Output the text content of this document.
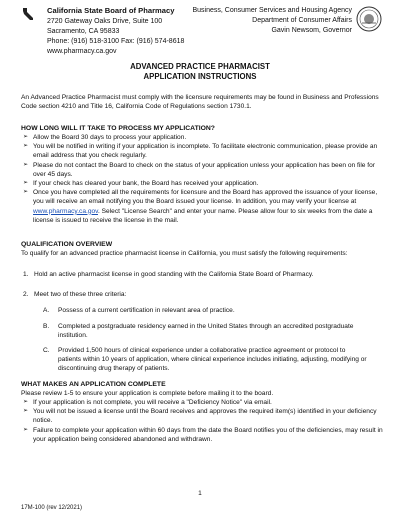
California State Board of Pharmacy
2720 Gateway Oaks Drive, Suite 100
Sacramento, CA 95833
Phone: (916) 518-3100 Fax: (916) 574-8618
www.pharmacy.ca.gov
Business, Consumer Services and Housing Agency
Department of Consumer Affairs
Gavin Newsom, Governor
ADVANCED PRACTICE PHARMACIST
APPLICATION INSTRUCTIONS
An Advanced Practice Pharmacist must comply with the licensure requirements may be found in Business and Professions Code section 4210 and Title 16, California Code of Regulations section 1730.1.
HOW LONG WILL IT TAKE TO PROCESS MY APPLICATION?
➢ Allow the Board 30 days to process your application.
➢ You will be notified in writing if your application is incomplete. To facilitate electronic communication, please provide an email address that you check regularly.
➢ Please do not contact the Board to check on the status of your application unless your application has been on file for over 45 days.
➢ If your check has cleared your bank, the Board has received your application.
➢ Once you have completed all the requirements for licensure and the Board has approved the issuance of your license, you will receive an email notifying you the Board issued your license. In addition, you may verify your license at www.pharmacy.ca.gov. Select "License Search" and enter your name. Please allow four to six weeks from the date a license is issued to receive the license in the mail.
QUALIFICATION OVERVIEW
To qualify for an advanced practice pharmacist license in California, you must satisfy the following requirements:
1. Hold an active pharmacist license in good standing with the California State Board of Pharmacy.
2. Meet two of these three criteria:
A. Possess of a current certification in relevant area of practice.
B. Completed a postgraduate residency earned in the United States through an accredited postgraduate institution.
C. Provided 1,500 hours of clinical experience under a collaborative practice agreement or protocol to patients within 10 years of application, where clinical experience includes initiating, adjusting, modifying or discontinuing drug therapy of patients.
WHAT MAKES AN APPLICATION COMPLETE
Please review 1-5 to ensure your application is complete before mailing it to the board.
➢ If your application is not complete, you will receive a "Deficiency Notice" via email.
➢ You will not be issued a license until the Board receives and approves the required item(s) identified in your deficiency notice.
➢ Failure to complete your application within 60 days from the date the Board notifies you of the deficiencies, may result in your application being considered abandoned and withdrawn.
1
17M-100 (rev 12/2021)
